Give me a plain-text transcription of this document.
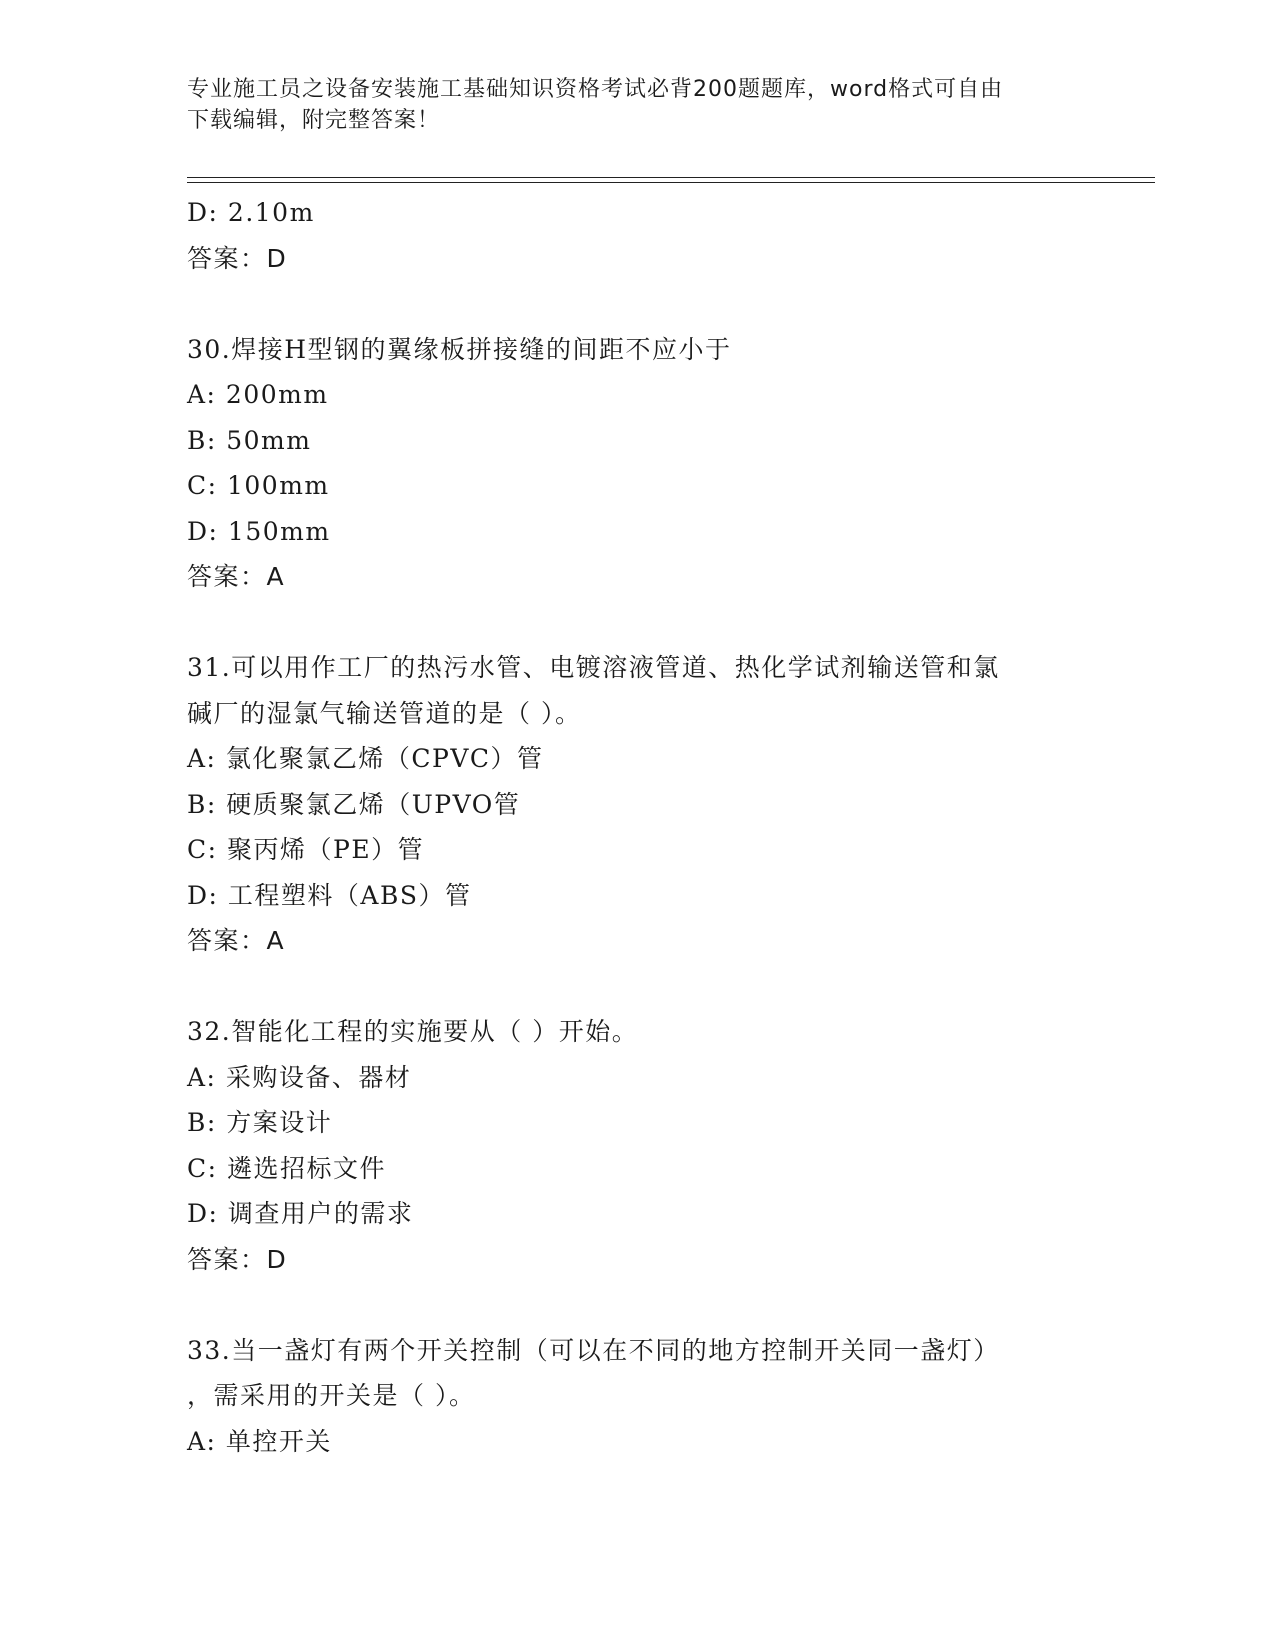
专业施工员之设备安装施工基础知识资格考试必背200题题库，word格式可自由
下载编辑，附完整答案！
D: 2.10m
答案：D
30.焊接H型钢的翼缘板拼接缝的间距不应小于
A: 200mm
B: 50mm
C: 100mm
D: 150mm
答案：A
31.可以用作工厂的热污水管、电镀溶液管道、热化学试剂输送管和氯
碱厂的湿氯气输送管道的是（ ）。
A: 氯化聚氯乙烯（CPVC）管
B: 硬质聚氯乙烯（UPVO管
C: 聚丙烯（PE）管
D: 工程塑料（ABS）管
答案：A
32.智能化工程的实施要从（ ）开始。
A: 采购设备、器材
B: 方案设计
C: 遴选招标文件
D: 调查用户的需求
答案：D
33.当一盏灯有两个开关控制（可以在不同的地方控制开关同一盏灯）
，需采用的开关是（ ）。
A: 单控开关
